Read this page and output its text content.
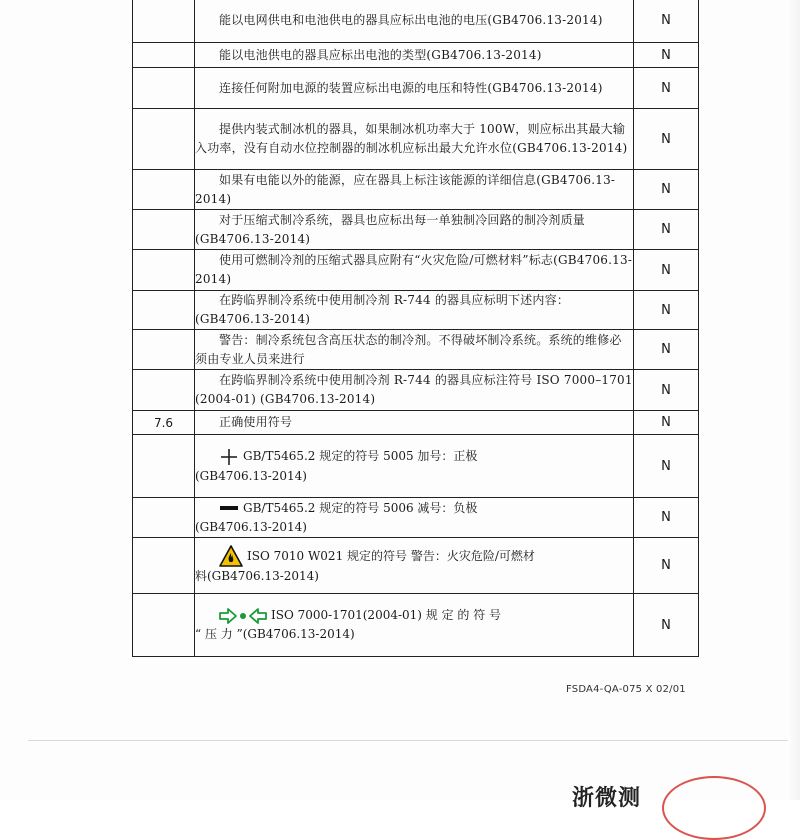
	能以电网供电和电池供电的器具应标出电池的电压(GB4706.13-2014)	N

	能以电池供电的器具应标出电池的类型(GB4706.13-2014)	N

	连接任何附加电源的装置应标出电源的电压和特性(GB4706.13-2014)	N

	提供内装式制冰机的器具，如果制冰机功率大于 100W，则应标出其最大输入功率，没有自动水位控制器的制冰机应标出最大允许水位(GB4706.13-2014)	N

	如果有电能以外的能源，应在器具上标注该能源的详细信息(GB4706.13-2014)	N

	对于压缩式制冷系统，器具也应标出每一单独制冷回路的制冷剂质量(GB4706.13-2014)	N

	使用可燃制冷剂的压缩式器具应附有“火灾危险/可燃材料”标志(GB4706.13-2014)	N

	在跨临界制冷系统中使用制冷剂 R-744 的器具应标明下述内容：(GB4706.13-2014)	N

	警告：制冷系统包含高压状态的制冷剂。不得破坏制冷系统。系统的维修必须由专业人员来进行	N

	在跨临界制冷系统中使用制冷剂 R-744 的器具应标注符号 ISO 7000–1701 (2004-01) (GB4706.13-2014)	N
7.6	正确使用符号	N

	GB/T5465.2 规定的符号 5005 加号：正极
(GB4706.13-2014)	N

	GB/T5465.2 规定的符号 5006 减号：负极
(GB4706.13-2014)	N

	ISO 7010 W021 规定的符号 警告：火灾危险/可燃材
料(GB4706.13-2014)	N

	ISO 7000-1701(2004-01) 规 定 的 符 号
“ 压 力 ”(GB4706.13-2014)	N
FSDA4-QA-075 X 02/01
浙微测
